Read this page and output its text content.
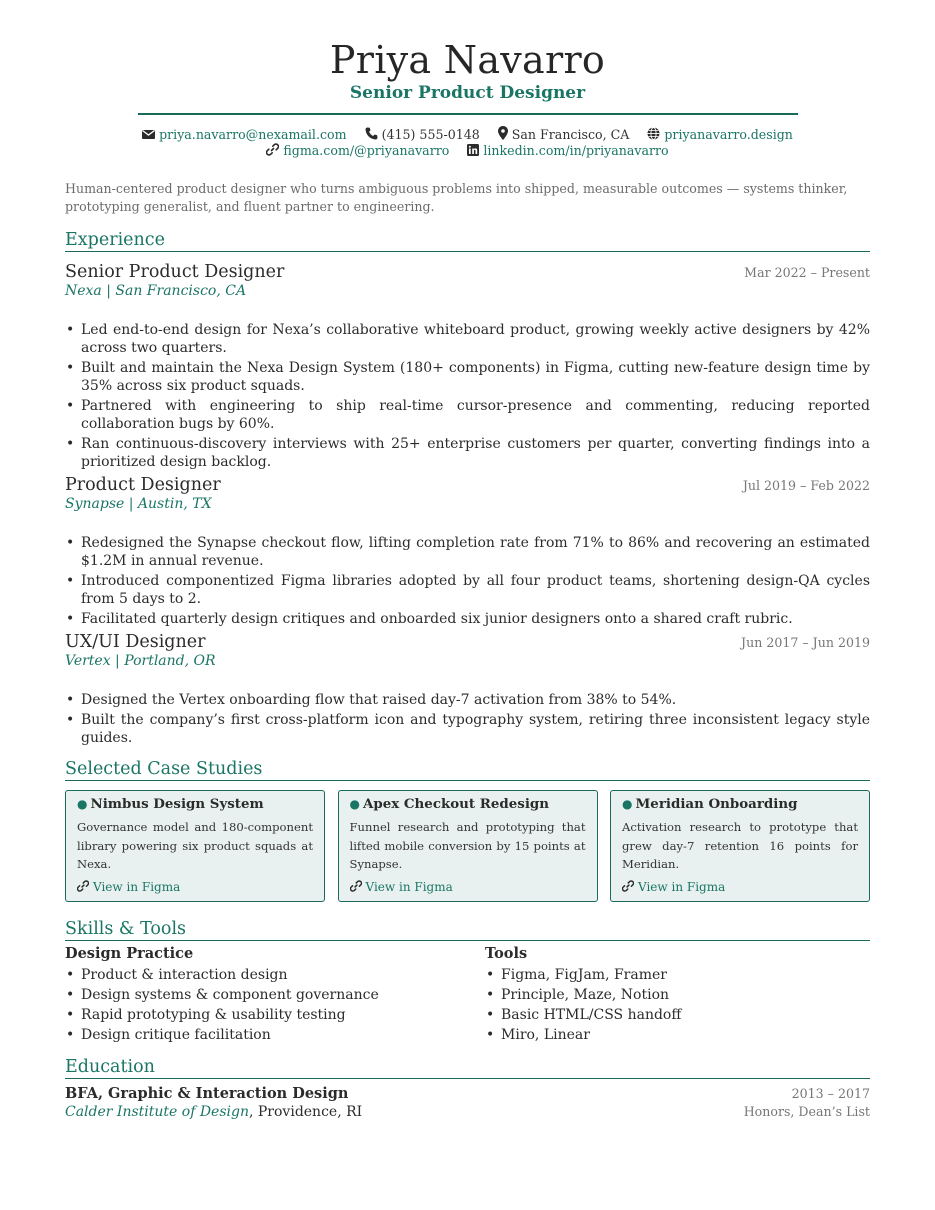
Priya Navarro
Senior Product Designer
priya.navarro@nexamail.com	(415) 555-0148	San Francisco, CA	priyanavarro.design figma.com/@priyanavarro	linkedin.com/in/priyanavarro
Human-centered product designer who turns ambiguous problems into shipped, measurable outcomes — systems thinker, prototyping generalist, and fluent partner to engineering.
Experience
Senior Product Designer	Mar 2022 – Present
Nexa | San Francisco, CA
• Led end-to-end design for Nexa’s collaborative whiteboard product, growing weekly active designers by 42% across two quarters.
• Built and maintain the Nexa Design System (180+ components) in Figma, cutting new-feature design time by 35% across six product squads.
• Partnered with engineering to ship real-time cursor-presence and commenting, reducing reported collaboration bugs by 60%.
• Ran continuous-discovery interviews with 25+ enterprise customers per quarter, converting findings into a prioritized design backlog.
Product Designer	Jul 2019 – Feb 2022
Synapse | Austin, TX
• Redesigned the Synapse checkout flow, lifting completion rate from 71% to 86% and recovering an estimated $1.2M in annual revenue.
• Introduced componentized Figma libraries adopted by all four product teams, shortening design-QA cycles from 5 days to 2.
• Facilitated quarterly design critiques and onboarded six junior designers onto a shared craft rubric.
UX/UI Designer	Jun 2017 – Jun 2019
Vertex | Portland, OR
• Designed the Vertex onboarding flow that raised day-7 activation from 38% to 54%.
• Built the company’s first cross-platform icon and typography system, retiring three inconsistent legacy style guides.
Selected Case Studies
● Nimbus Design System
Governance model and 180-component library powering six product squads at Nexa.
View in Figma
● Apex Checkout Redesign
Funnel research and prototyping that lifted mobile conversion by 15 points at Synapse.
View in Figma
● Meridian Onboarding
Activation research to prototype that grew day-7 retention 16 points for Meridian.
View in Figma
Skills & Tools
Design Practice
• Product & interaction design
• Design systems & component governance
• Rapid prototyping & usability testing
• Design critique facilitation
Tools
• Figma, FigJam, Framer
• Principle, Maze, Notion
• Basic HTML/CSS handoff
• Miro, Linear
Education
BFA, Graphic & Interaction Design	2013 – 2017
Calder Institute of Design, Providence, RI	Honors, Dean’s List
